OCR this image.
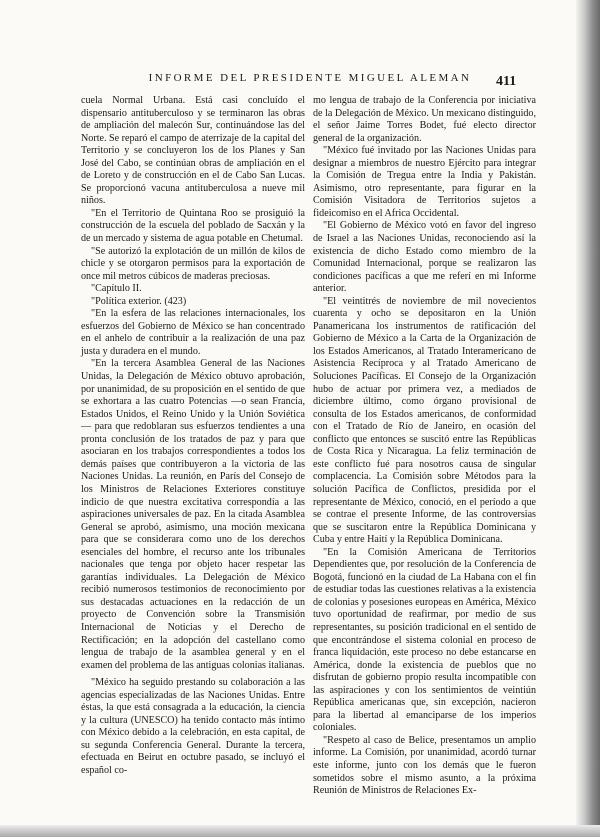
INFORME DEL PRESIDENTE MIGUEL ALEMAN	411

cuela Normal Urbana. Está casi concluído el dispensario antituberculoso y se terminaron las obras de ampliación del malecón Sur, continuándose las del Norte. Se reparó el campo de aterrizaje de la capital del Territorio y se concluyeron los de los Planes y San José del Cabo, se continúan obras de ampliación en el de Loreto y de construcción en el de Cabo San Lucas. Se proporcionó vacuna antituberculosa a nueve mil niños.

"En el Territorio de Quintana Roo se prosiguió la construcción de la escuela del poblado de Sacxán y la de un mercado y sistema de agua potable en Chetumal.

"Se autorizó la explotación de un millón de kilos de chicle y se otorgaron permisos para la exportación de once mil metros cúbicos de maderas preciosas.

"Capítulo II.

"Política exterior. (423)

"En la esfera de las relaciones internacionales, los esfuerzos del Gobierno de México se han concentrado en el anhelo de contribuir a la realización de una paz justa y duradera en el mundo.

"En la tercera Asamblea General de las Naciones Unidas, la Delegación de México obtuvo aprobación, por unanimidad, de su proposición en el sentido de que se exhortara a las cuatro Potencias —o sean Francia, Estados Unidos, el Reino Unido y la Unión Soviética— para que redoblaran sus esfuerzos tendientes a una pronta conclusión de los tratados de paz y para que asociaran en los trabajos correspondientes a todos los demás países que contribuyeron a la victoria de las Naciones Unidas. La reunión, en París del Consejo de los Ministros de Relaciones Exteriores constituye indicio de que nuestra excitativa correspondía a las aspiraciones universales de paz. En la citada Asamblea General se aprobó, asimismo, una moción mexicana para que se considerara como uno de los derechos esenciales del hombre, el recurso ante los tribunales nacionales que tenga por objeto hacer respetar las garantías individuales. La Delegación de México recibió numerosos testimonios de reconocimiento por sus destacadas actuaciones en la redacción de un proyecto de Convención sobre la Transmisión Internacional de Noticias y el Derecho de Rectificación; en la adopción del castellano como lengua de trabajo de la asamblea general y en el examen del problema de las antiguas colonias italianas.

"México ha seguido prestando su colaboración a las agencias especializadas de las Naciones Unidas. Entre éstas, la que está consagrada a la educación, la ciencia y la cultura (UNESCO) ha tenido contacto más íntimo con México debido a la celebración, en esta capital, de su segunda Conferencia General. Durante la tercera, efectuada en Beirut en octubre pasado, se incluyó el español co-

mo lengua de trabajo de la Conferencia por iniciativa de la Delegación de México. Un mexicano distinguido, el señor Jaime Torres Bodet, fué electo director general de la organización.

"México fué invitado por las Naciones Unidas para designar a miembros de nuestro Ejército para integrar la Comisión de Tregua entre la India y Pakistán. Asimismo, otro representante, para figurar en la Comisión Visitadora de Territorios sujetos a fideicomiso en el Africa Occidental.

"El Gobierno de México votó en favor del ingreso de Israel a las Naciones Unidas, reconociendo así la existencia de dicho Estado como miembro de la Comunidad Internacional, porque se realizaron las condiciones pacíficas a que me referí en mi Informe anterior.

"El veintitrés de noviembre de mil novecientos cuarenta y ocho se depositaron en la Unión Panamericana los instrumentos de ratificación del Gobierno de México a la Carta de la Organización de los Estados Americanos, al Tratado Interamericano de Asistencia Recíproca y al Tratado Americano de Soluciones Pacíficas. El Consejo de la Organización hubo de actuar por primera vez, a mediados de diciembre último, como órgano provisional de consulta de los Estados americanos, de conformidad con el Tratado de Río de Janeiro, en ocasión del conflicto que entonces se suscitó entre las Repúblicas de Costa Rica y Nicaragua. La feliz terminación de este conflicto fué para nosotros causa de singular complacencia. La Comisión sobre Métodos para la solución Pacífica de Conflictos, presidida por el representante de México, conoció, en el período a que se contrae el presente Informe, de las controversias que se suscitaron entre la República Dominicana y Cuba y entre Haití y la República Dominicana.

"En la Comisión Americana de Territorios Dependientes que, por resolución de la Conferencia de Bogotá, funcionó en la ciudad de La Habana con el fin de estudiar todas las cuestiones relativas a la existencia de colonias y posesiones europeas en América, México tuvo oportunidad de reafirmar, por medio de sus representantes, su posición tradicional en el sentido de que encontrándose el sistema colonial en proceso de franca liquidación, este proceso no debe estancarse en América, donde la existencia de pueblos que no disfrutan de gobierno propio resulta incompatible con las aspiraciones y con los sentimientos de veintiún República americanas que, sin excepción, nacieron para la libertad al emanciparse de los imperios coloniales.

"Respeto al caso de Belice, presentamos un amplio informe. La Comisión, por unanimidad, acordó turnar este informe, junto con los demás que le fueron sometidos sobre el mismo asunto, a la próxima Reunión de Ministros de Relaciones Ex-
